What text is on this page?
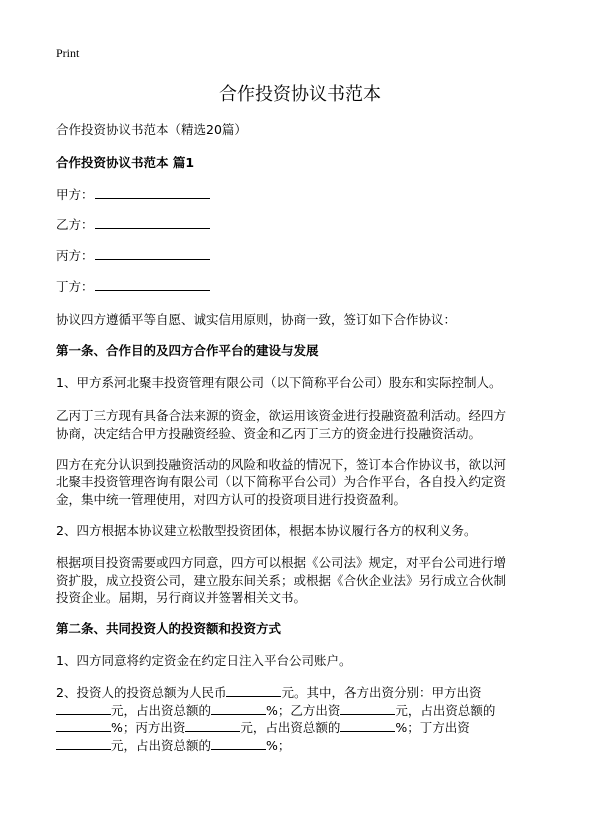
Print
合作投资协议书范本
合作投资协议书范本（精选20篇）
合作投资协议书范本 篇1
甲方：
乙方：
丙方：
丁方：
协议四方遵循平等自愿、诚实信用原则，协商一致，签订如下合作协议：
第一条、合作目的及四方合作平台的建设与发展
1、甲方系河北聚丰投资管理有限公司（以下简称平台公司）股东和实际控制人。
乙丙丁三方现有具备合法来源的资金，欲运用该资金进行投融资盈利活动。经四方
协商，决定结合甲方投融资经验、资金和乙丙丁三方的资金进行投融资活动。
四方在充分认识到投融资活动的风险和收益的情况下，签订本合作协议书，欲以河
北聚丰投资管理咨询有限公司（以下简称平台公司）为合作平台，各自投入约定资
金，集中统一管理使用，对四方认可的投资项目进行投资盈利。
2、四方根据本协议建立松散型投资团体，根据本协议履行各方的权利义务。
根据项目投资需要或四方同意，四方可以根据《公司法》规定，对平台公司进行增
资扩股，成立投资公司，建立股东间关系；或根据《合伙企业法》另行成立合伙制
投资企业。届期，另行商议并签署相关文书。
第二条、共同投资人的投资额和投资方式
1、四方同意将约定资金在约定日注入平台公司账户。
2、投资人的投资总额为人民币	元。其中，各方出资分别：甲方出资
元，占出资总额的	%；乙方出资	元，占出资总额的
%；丙方出资	元，占出资总额的	%；丁方出资
元，占出资总额的	%；
